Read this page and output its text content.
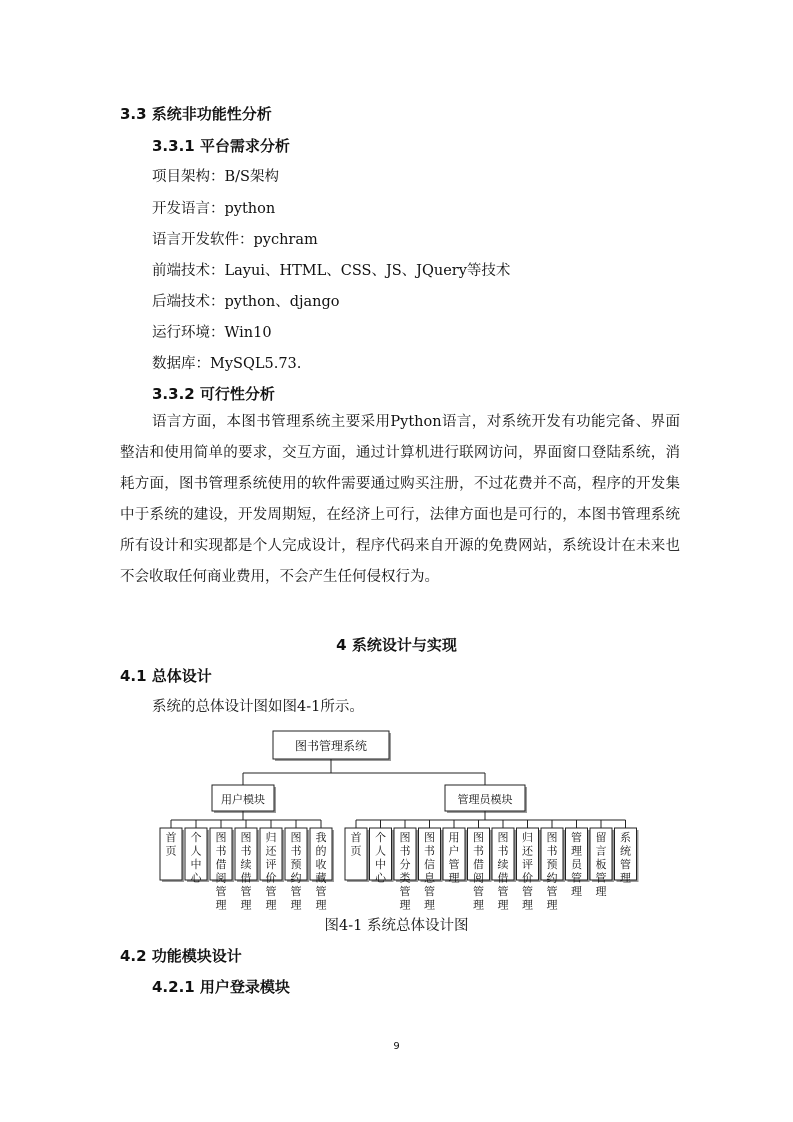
3.3 系统非功能性分析
3.3.1 平台需求分析
项目架构：B/S架构
开发语言：python
语言开发软件：pychram
前端技术：Layui、HTML、CSS、JS、JQuery等技术
后端技术：python、django
运行环境：Win10
数据库：MySQL5.73.
3.3.2 可行性分析

语言方面，本图书管理系统主要采用Python语言，对系统开发有功能完备、界面整洁和使用简单的要求，交互方面，通过计算机进行联网访问，界面窗口登陆系统，消耗方面，图书管理系统使用的软件需要通过购买注册，不过花费并不高，程序的开发集中于系统的建设，开发周期短，在经济上可行，法律方面也是可行的，本图书管理系统所有设计和实现都是个人完成设计，程序代码来自开源的免费网站，系统设计在未来也不会收取任何商业费用，不会产生任何侵权行为。

4 系统设计与实现
4.1 总体设计
系统的总体设计图如图4-1所示。
图书管理系统
用户模块	管理员模块
首
页
个
人
中
心
图
书
借
阅
管
理
图
书
续
借
管
理
归
还
评
价
管
理
图
书
预
约
管
理
我
的
收
藏
管
理
首
页
个
人
中
心
图
书
分
类
管
理
图
书
信
息
管
理
用
户
管
理
图
书
借
阅
管
理
图
书
续
借
管
理
归
还
评
价
管
理
图
书
预
约
管
理
管
理
员
管
理
留
言
板
管
理
系
统
管
理
图4-1 系统总体设计图
4.2 功能模块设计
4.2.1 用户登录模块
9
